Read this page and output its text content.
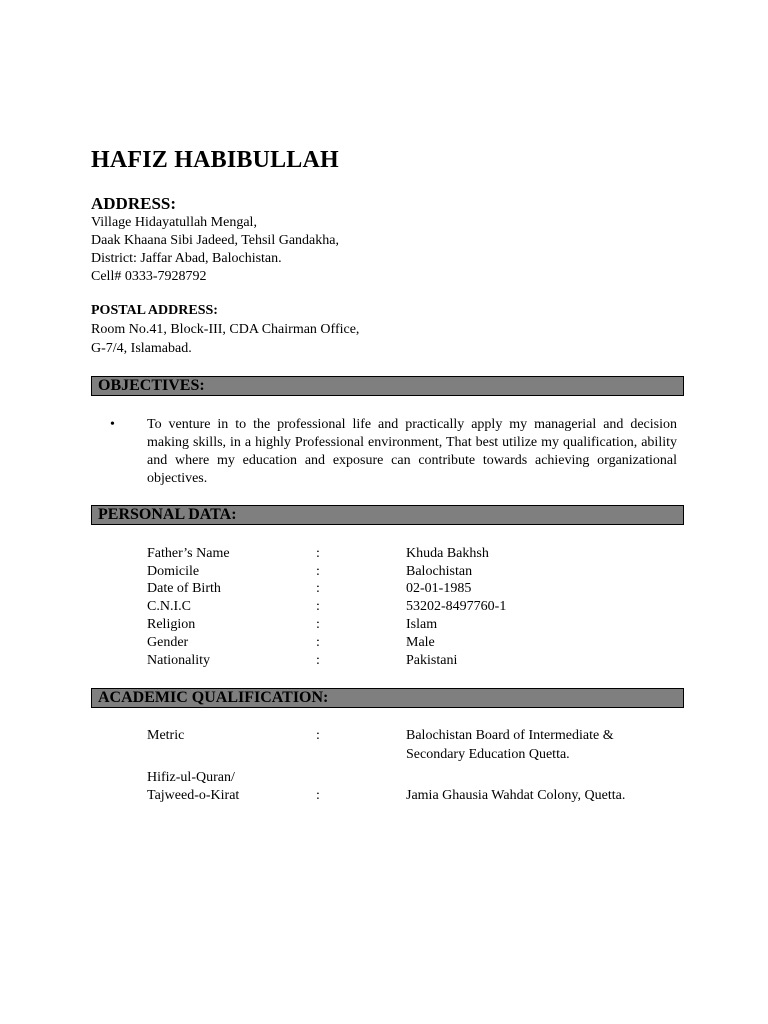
HAFIZ HABIBULLAH
ADDRESS:
Village Hidayatullah Mengal,
Daak Khaana Sibi Jadeed, Tehsil Gandakha,
District: Jaffar Abad, Balochistan.
Cell# 0333-7928792
POSTAL ADDRESS:
Room No.41, Block-III, CDA Chairman Office,
G-7/4, Islamabad.
OBJECTIVES:
• To venture in to the professional life and practically apply my managerial and decision making skills, in a highly Professional environment, That best utilize my qualification, ability and where my education and exposure can contribute towards achieving organizational objectives.
PERSONAL DATA:
Father’s Name	:	Khuda Bakhsh
Domicile	:	Balochistan
Date of Birth	:	02-01-1985
C.N.I.C	:	53202-8497760-1
Religion	:	Islam
Gender	:	Male
Nationality	:	Pakistani
ACADEMIC QUALIFICATION:
Metric	:	Balochistan Board of Intermediate &
Secondary Education Quetta.
Hifiz-ul-Quran/
Tajweed-o-Kirat	:	Jamia Ghausia Wahdat Colony, Quetta.
